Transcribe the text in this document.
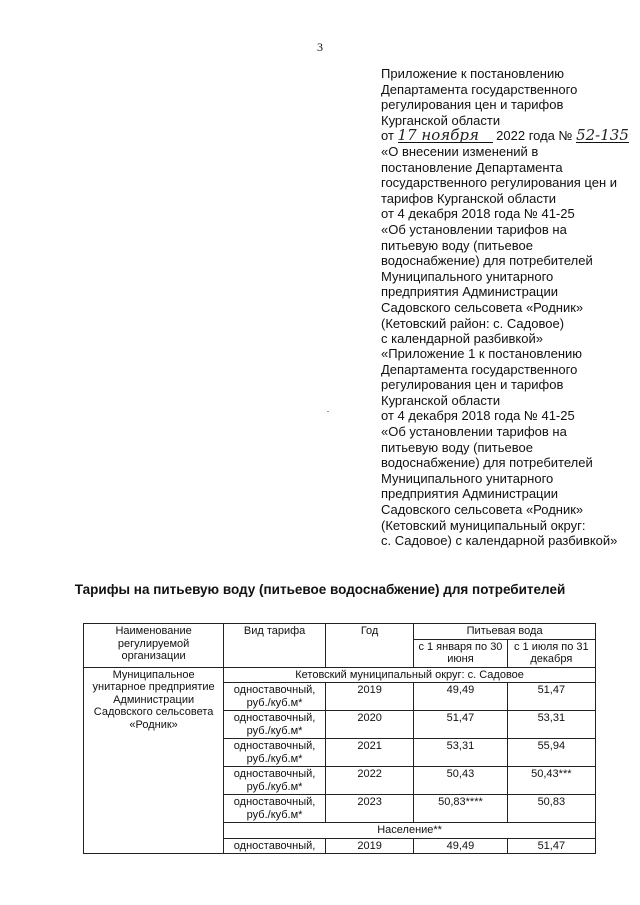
3
Приложение к постановлению
Департамента государственного
регулирования цен и тарифов
Курганской области
от 17 ноября 2022 года № 52-135
«О внесении изменений в
постановление Департамента
государственного регулирования цен и
тарифов Курганской области
от 4 декабря 2018 года № 41-25
«Об установлении тарифов на
питьевую воду (питьевое
водоснабжение) для потребителей
Муниципального унитарного
предприятия Администрации
Садовского сельсовета «Родник»
(Кетовский район: с. Садовое)
с календарной разбивкой»
«Приложение 1 к постановлению
Департамента государственного
регулирования цен и тарифов
Курганской области
от 4 декабря 2018 года № 41-25
«Об установлении тарифов на
питьевую воду (питьевое
водоснабжение) для потребителей
Муниципального унитарного
предприятия Администрации
Садовского сельсовета «Родник»
(Кетовский муниципальный округ:
с. Садовое) с календарной разбивкой»
Тарифы на питьевую воду (питьевое водоснабжение) для потребителей
Наименование регулируемой организации	Вид тарифа	Год	Питьевая вода	
			с 1 января по 30 июня	с 1 июля по 31 декабря
Муниципальное унитарное предприятие Администрации Садовского сельсовета «Родник»	Кетовский муниципальный округ: с. Садовое			
	одноставочный, руб./куб.м*	2019	49,49	51,47
	одноставочный, руб./куб.м*	2020	51,47	53,31
	одноставочный, руб./куб.м*	2021	53,31	55,94
	одноставочный, руб./куб.м*	2022	50,43	50,43***
	одноставочный, руб./куб.м*	2023	50,83****	50,83
	Население**			
	одноставочный,	2019	49,49	51,47
